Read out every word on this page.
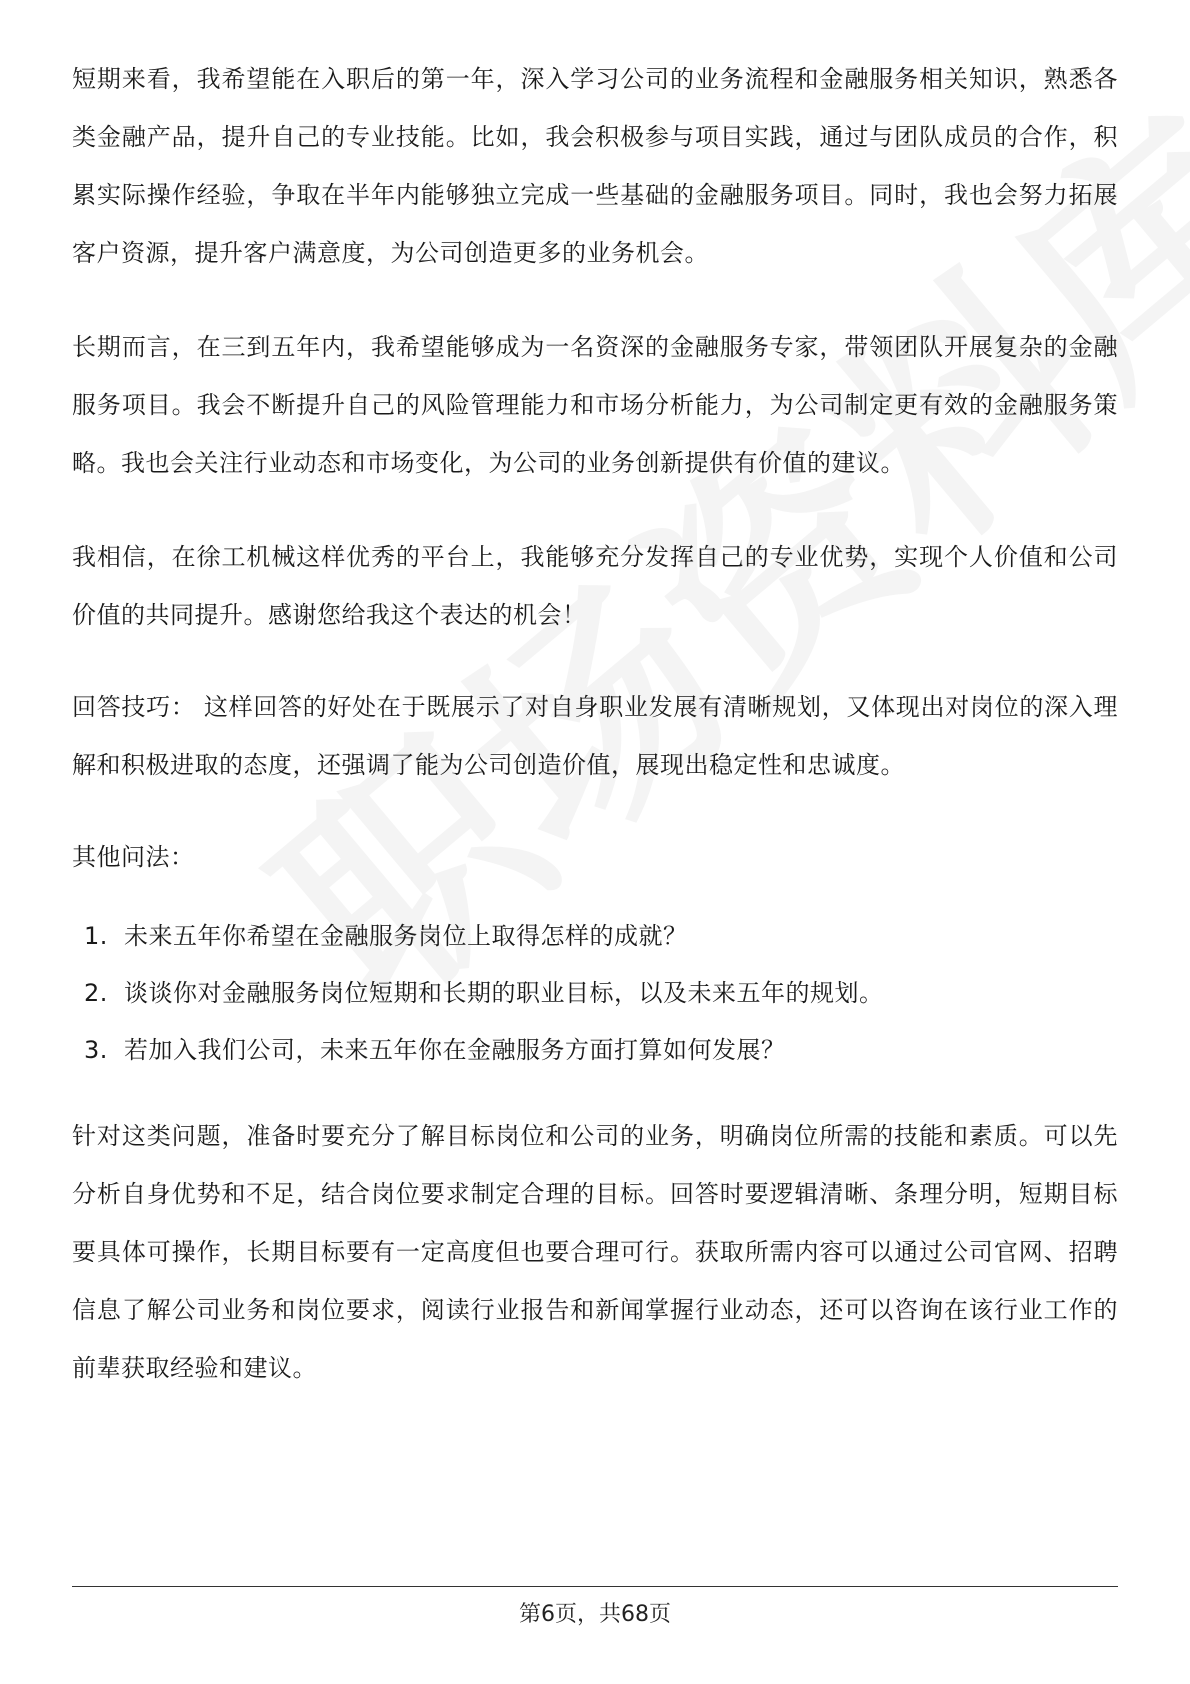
短期来看，我希望能在入职后的第一年，深入学习公司的业务流程和金融服务相关知识，熟悉各类金融产品，提升自己的专业技能。比如，我会积极参与项目实践，通过与团队成员的合作，积累实际操作经验，争取在半年内能够独立完成一些基础的金融服务项目。同时，我也会努力拓展客户资源，提升客户满意度，为公司创造更多的业务机会。

长期而言，在三到五年内，我希望能够成为一名资深的金融服务专家，带领团队开展复杂的金融服务项目。我会不断提升自己的风险管理能力和市场分析能力，为公司制定更有效的金融服务策略。我也会关注行业动态和市场变化，为公司的业务创新提供有价值的建议。

我相信，在徐工机械这样优秀的平台上，我能够充分发挥自己的专业优势，实现个人价值和公司价值的共同提升。感谢您给我这个表达的机会！

回答技巧： 这样回答的好处在于既展示了对自身职业发展有清晰规划，又体现出对岗位的深入理解和积极进取的态度，还强调了能为公司创造价值，展现出稳定性和忠诚度。

其他问法：

1. 未来五年你希望在金融服务岗位上取得怎样的成就？
2. 谈谈你对金融服务岗位短期和长期的职业目标，以及未来五年的规划。
3. 若加入我们公司，未来五年你在金融服务方面打算如何发展？

针对这类问题，准备时要充分了解目标岗位和公司的业务，明确岗位所需的技能和素质。可以先分析自身优势和不足，结合岗位要求制定合理的目标。回答时要逻辑清晰、条理分明，短期目标要具体可操作，长期目标要有一定高度但也要合理可行。获取所需内容可以通过公司官网、招聘信息了解公司业务和岗位要求，阅读行业报告和新闻掌握行业动态，还可以咨询在该行业工作的前辈获取经验和建议。

第6页，共68页
